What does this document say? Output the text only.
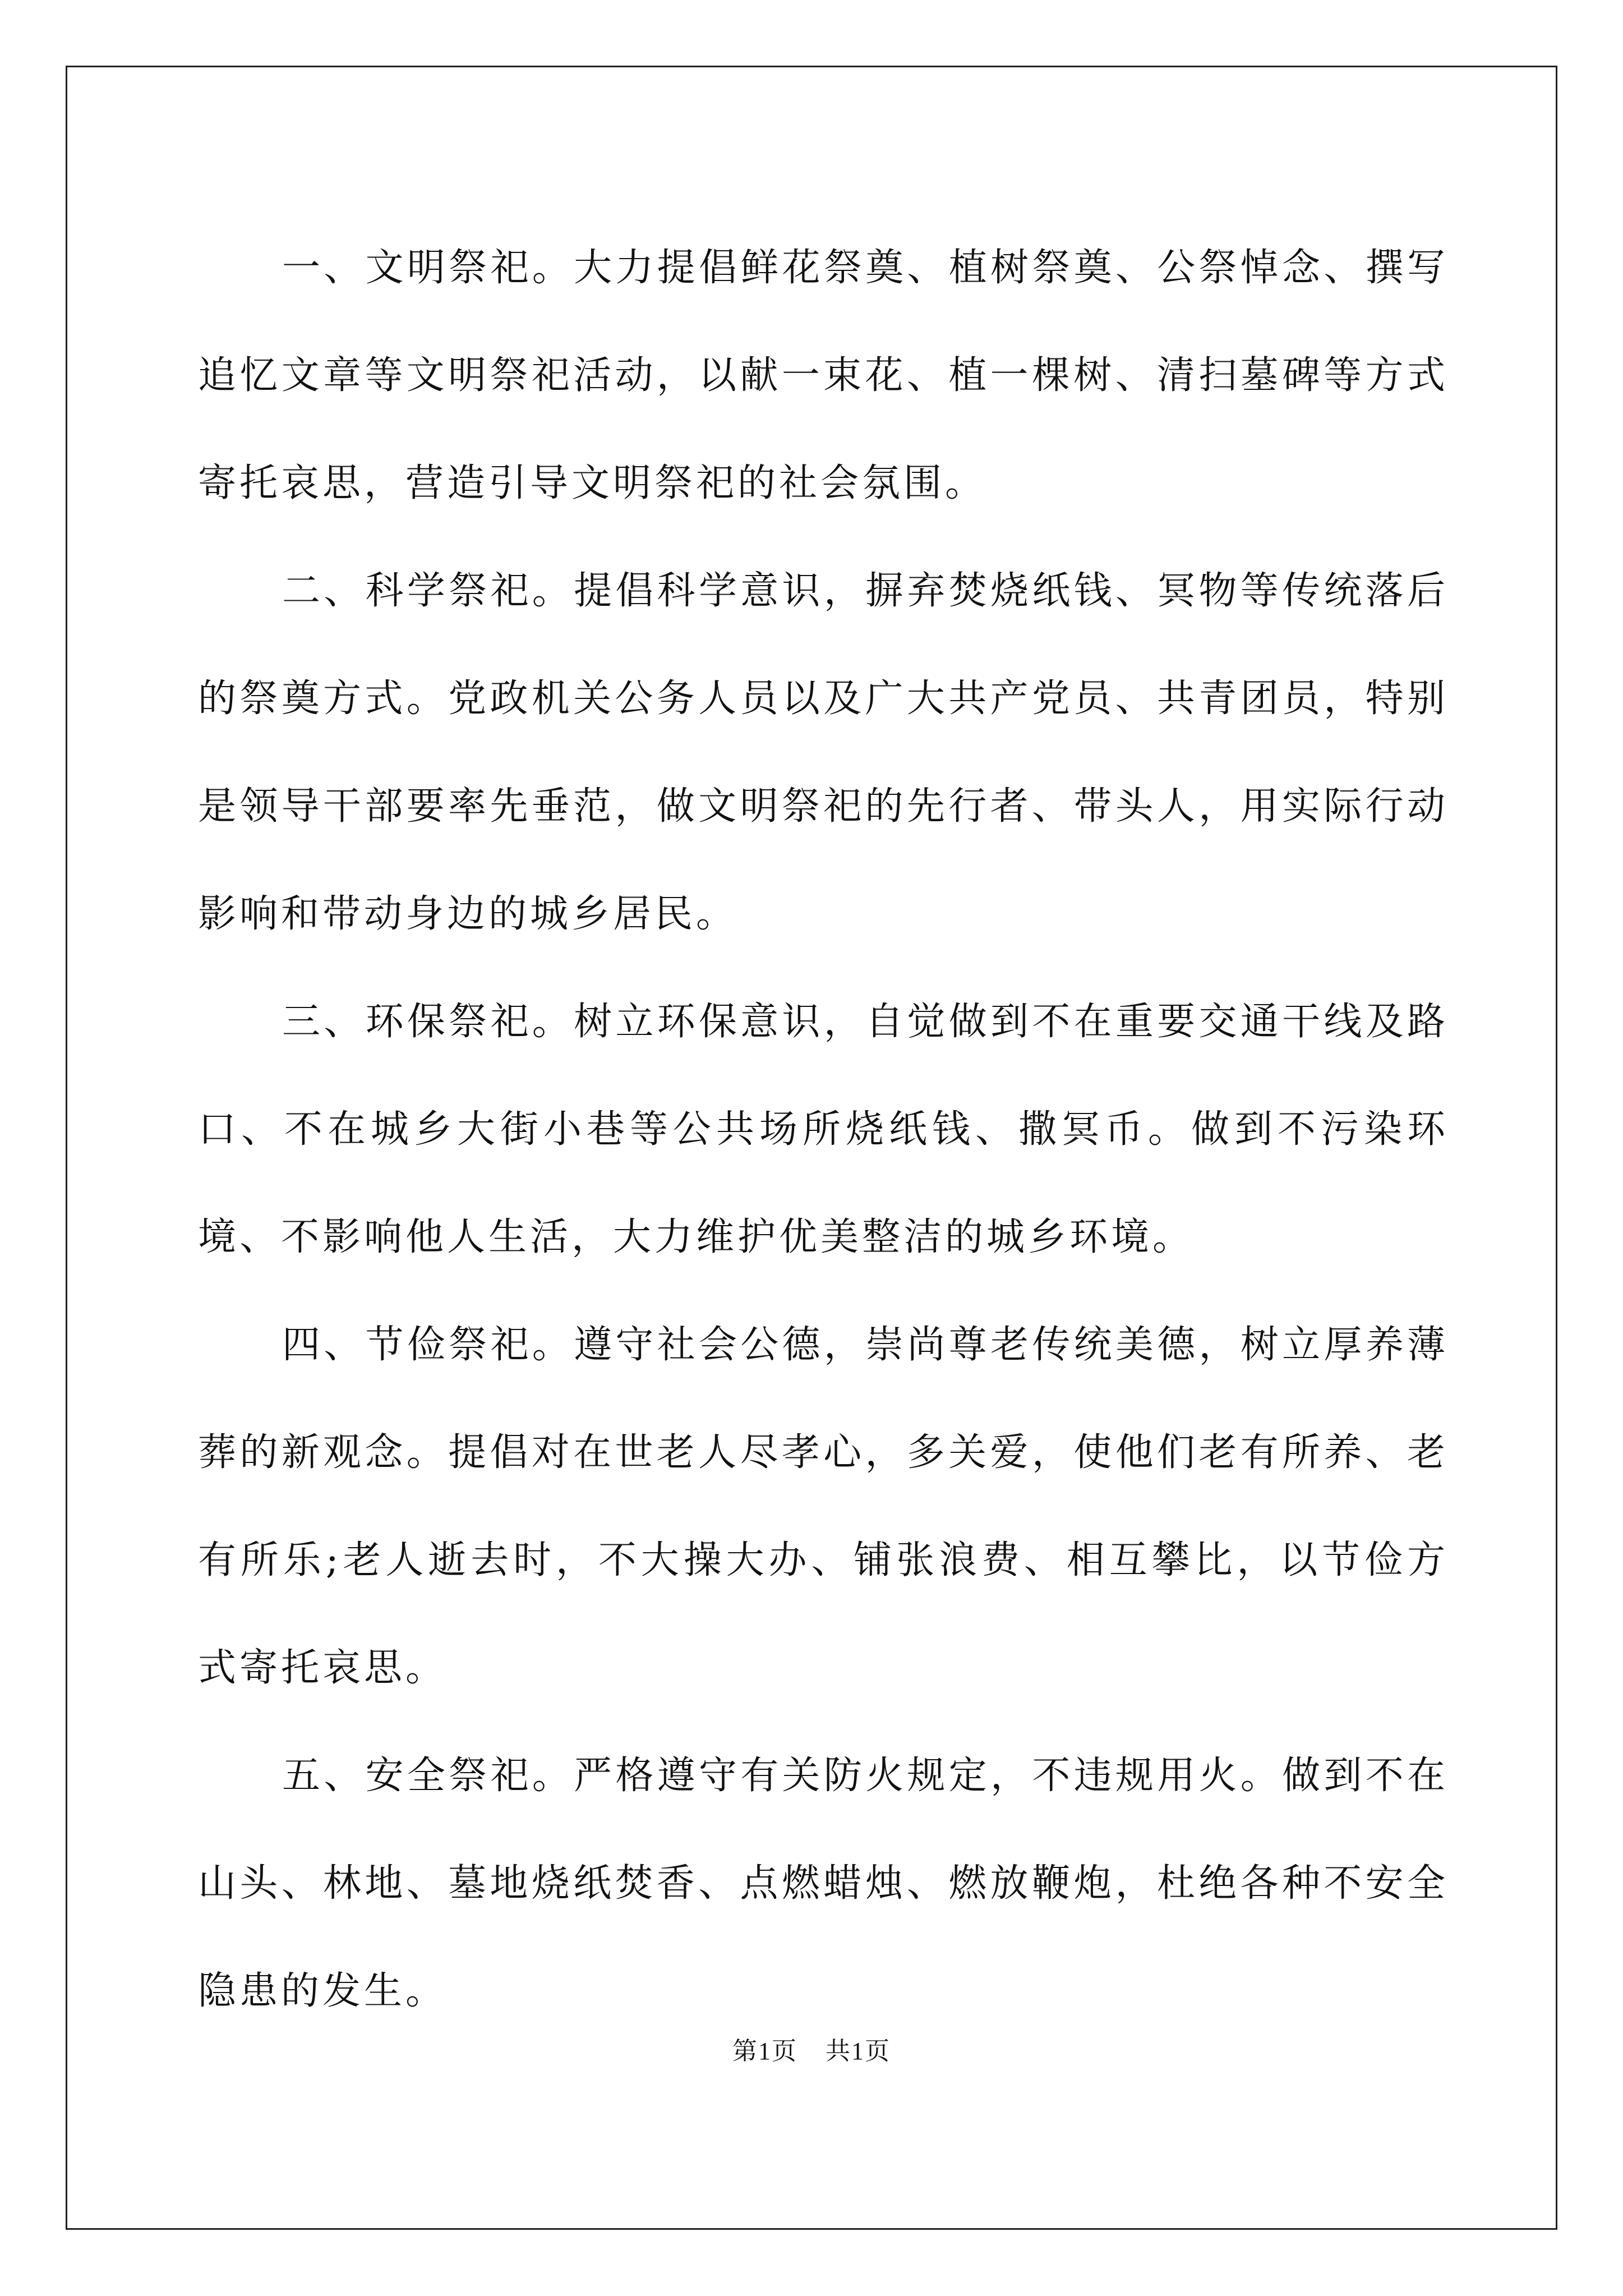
一、文明祭祀。大力提倡鲜花祭奠、植树祭奠、公祭悼念、撰写追忆文章等文明祭祀活动，以献一束花、植一棵树、清扫墓碑等方式寄托哀思，营造引导文明祭祀的社会氛围。

二、科学祭祀。提倡科学意识，摒弃焚烧纸钱、冥物等传统落后的祭奠方式。党政机关公务人员以及广大共产党员、共青团员，特别是领导干部要率先垂范，做文明祭祀的先行者、带头人，用实际行动影响和带动身边的城乡居民。

三、环保祭祀。树立环保意识，自觉做到不在重要交通干线及路口、不在城乡大街小巷等公共场所烧纸钱、撒冥币。做到不污染环境、不影响他人生活，大力维护优美整洁的城乡环境。

四、节俭祭祀。遵守社会公德，崇尚尊老传统美德，树立厚养薄葬的新观念。提倡对在世老人尽孝心，多关爱，使他们老有所养、老有所乐;老人逝去时，不大操大办、铺张浪费、相互攀比，以节俭方式寄托哀思。

五、安全祭祀。严格遵守有关防火规定，不违规用火。做到不在山头、林地、墓地烧纸焚香、点燃蜡烛、燃放鞭炮，杜绝各种不安全隐患的发生。

第1页 共1页
